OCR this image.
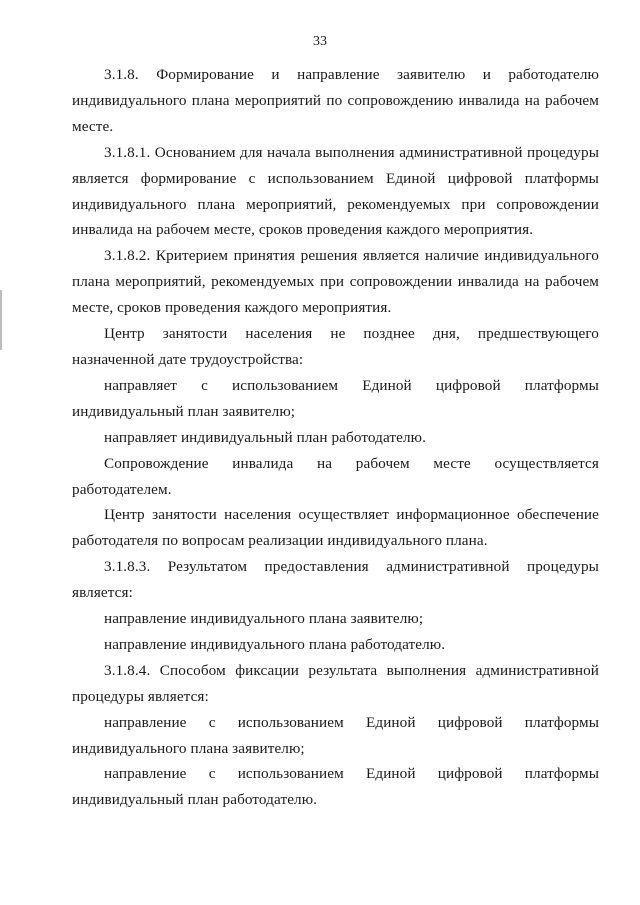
33

3.1.8. Формирование и направление заявителю и работодателю индивидуального плана мероприятий по сопровождению инвалида на рабочем месте.

3.1.8.1. Основанием для начала выполнения административной процедуры является формирование с использованием Единой цифровой платформы индивидуального плана мероприятий, рекомендуемых при сопровождении инвалида на рабочем месте, сроков проведения каждого мероприятия.

3.1.8.2. Критерием принятия решения является наличие индивидуального плана мероприятий, рекомендуемых при сопровождении инвалида на рабочем месте, сроков проведения каждого мероприятия.

Центр занятости населения не позднее дня, предшествующего назначенной дате трудоустройства:

направляет с использованием Единой цифровой платформы индивидуальный план заявителю;

направляет индивидуальный план работодателю.

Сопровождение инвалида на рабочем месте осуществляется работодателем.

Центр занятости населения осуществляет информационное обеспечение работодателя по вопросам реализации индивидуального плана.

3.1.8.3. Результатом предоставления административной процедуры является:

направление индивидуального плана заявителю;

направление индивидуального плана работодателю.

3.1.8.4. Способом фиксации результата выполнения административной процедуры является:

направление с использованием Единой цифровой платформы индивидуального плана заявителю;

направление с использованием Единой цифровой платформы индивидуальный план работодателю.
